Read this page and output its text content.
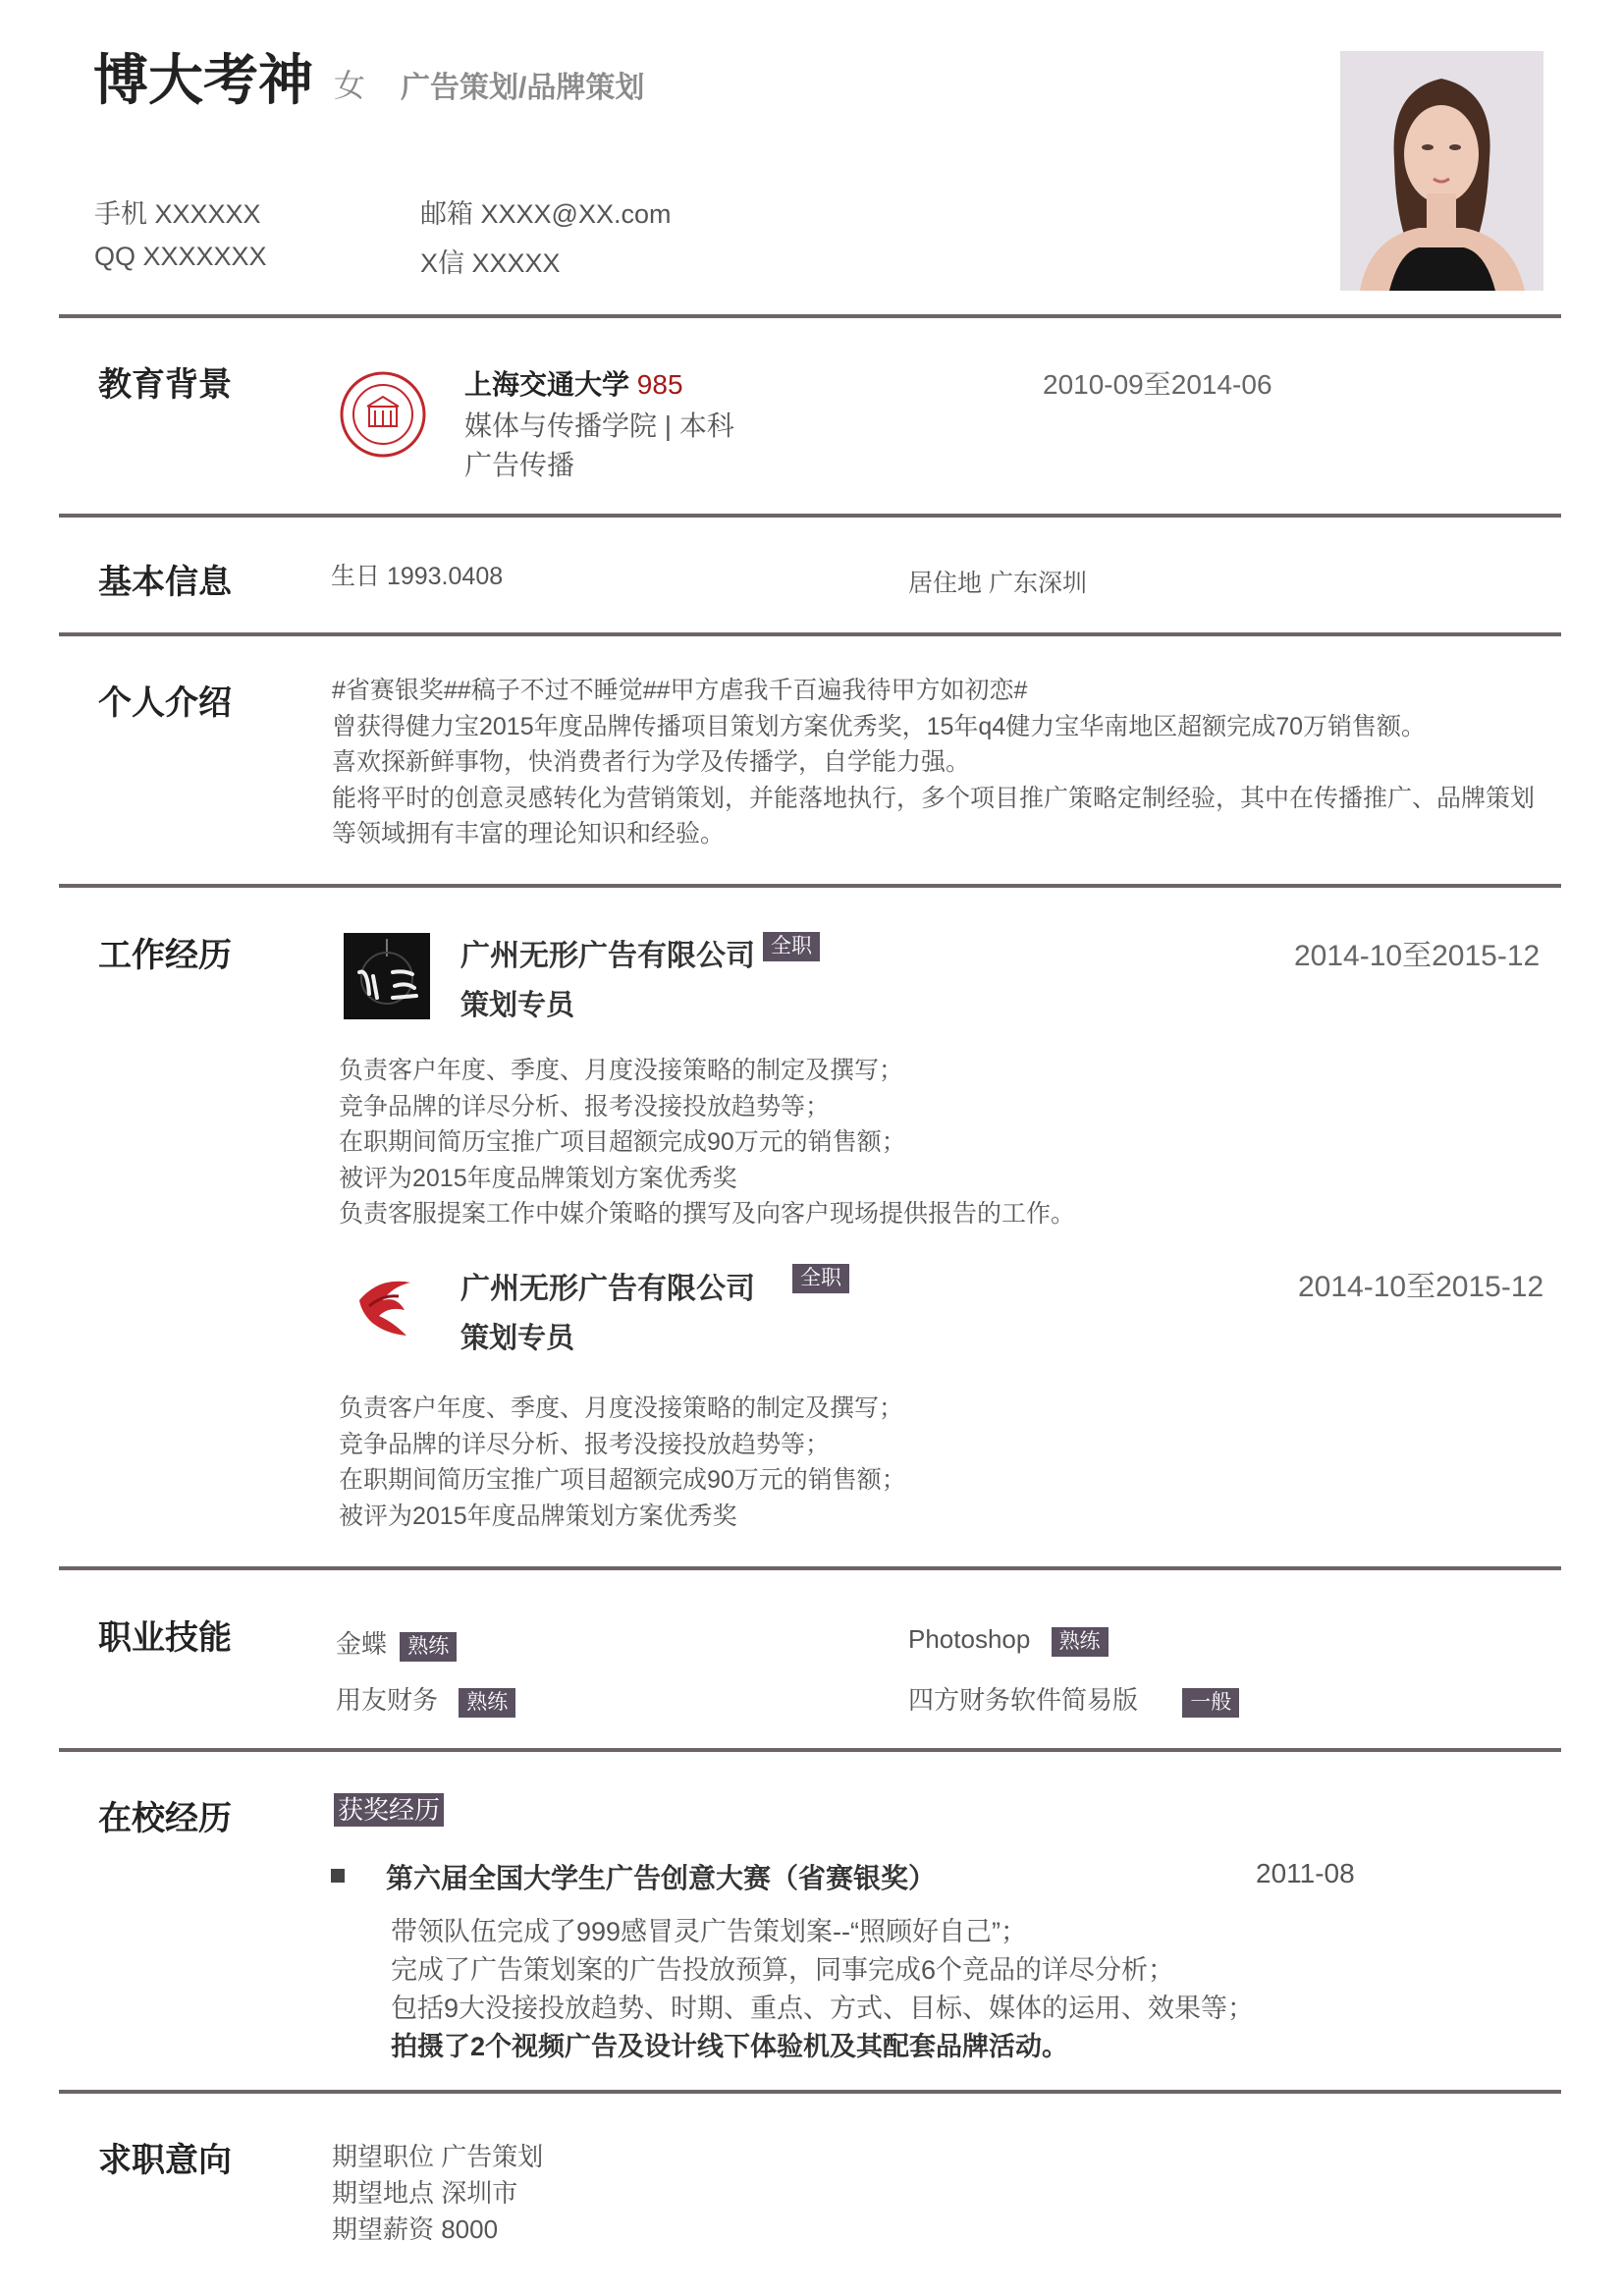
博大考神 女 广告策划/品牌策划
手机 XXXXXX	邮箱 XXXX@XX.com
QQ XXXXXXX	X信 XXXXX
教育背景	上海交通大学 985
媒体与传播学院 | 本科
广告传播
2010-09至2014-06
基本信息	生日 1993.0408	居住地 广东深圳
个人介绍	#省赛银奖##稿子不过不睡觉##甲方虐我千百遍我待甲方如初恋#
曾获得健力宝2015年度品牌传播项目策划方案优秀奖，15年q4健力宝华南地区超额完成70万销售额。
喜欢探新鲜事物，快消费者行为学及传播学，自学能力强。
能将平时的创意灵感转化为营销策划，并能落地执行，多个项目推广策略定制经验，其中在传播推广、品牌策划等领域拥有丰富的理论知识和经验。
工作经历	广州无形广告有限公司 全职	2014-10至2015-12
策划专员
负责客户年度、季度、月度没接策略的制定及撰写；
竞争品牌的详尽分析、报考没接投放趋势等；
在职期间简历宝推广项目超额完成90万元的销售额；
被评为2015年度品牌策划方案优秀奖
负责客服提案工作中媒介策略的撰写及向客户现场提供报告的工作。
广州无形广告有限公司	全职	2014-10至2015-12
策划专员
负责客户年度、季度、月度没接策略的制定及撰写；
竞争品牌的详尽分析、报考没接投放趋势等；
在职期间简历宝推广项目超额完成90万元的销售额；
被评为2015年度品牌策划方案优秀奖
职业技能	金蝶 熟练	Photoshop 熟练
用友财务 熟练	四方财务软件简易版	一般
在校经历	获奖经历
第六届全国大学生广告创意大赛（省赛银奖）	2011-08
带领队伍完成了999感冒灵广告策划案--“照顾好自己”；
完成了广告策划案的广告投放预算，同事完成6个竞品的详尽分析；
包括9大没接投放趋势、时期、重点、方式、目标、媒体的运用、效果等；
拍摄了2个视频广告及设计线下体验机及其配套品牌活动。
求职意向	期望职位 广告策划
期望地点 深圳市
期望薪资 8000
